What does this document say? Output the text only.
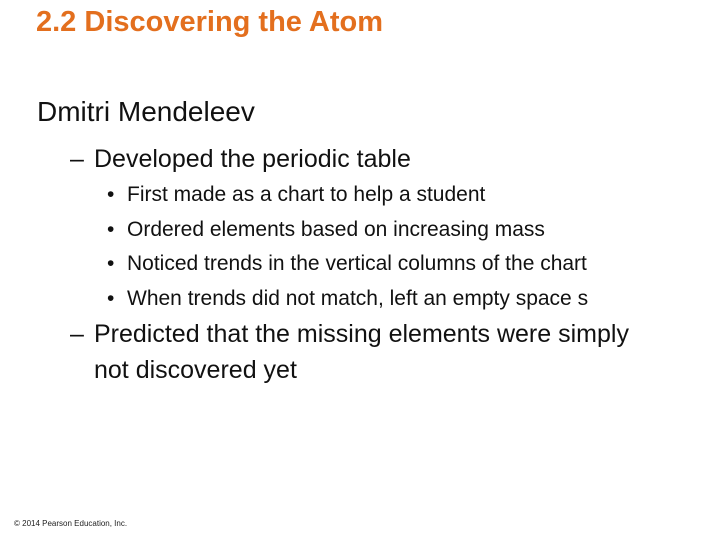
2.2 Discovering the Atom
Dmitri Mendeleev
– Developed the periodic table
• First made as a chart to help a student
• Ordered elements based on increasing mass
• Noticed trends in the vertical columns of the chart
• When trends did not match, left an empty space s
– Predicted that the missing elements were simply not discovered yet
© 2014 Pearson Education, Inc.
